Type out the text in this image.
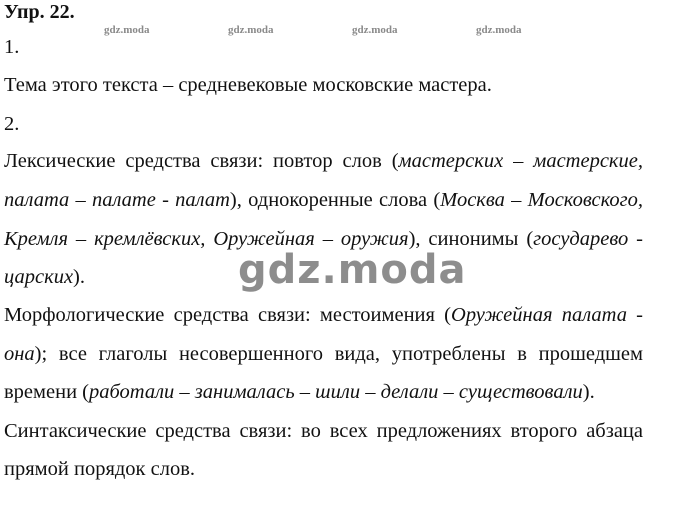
Упр. 22.
gdz.moda	gdz.moda	gdz.moda	gdz.moda
1.
Тема этого текста – средневековые московские мастера.
2.
Лексические средства связи: повтор слов (мастерских – мастерские,
палата – палате - палат), однокоренные слова (Москва – Московского,
Кремля – кремлёвских, Оружейная – оружия), синонимы (государево -
царских).
Морфологические средства связи: местоимения (Оружейная палата -
она); все глаголы несовершенного вида, употреблены в прошедшем
времени (работали – занималась – шили – делали – существовали).
Синтаксические средства связи: во всех предложениях второго абзаца
прямой порядок слов.
gdz.moda
